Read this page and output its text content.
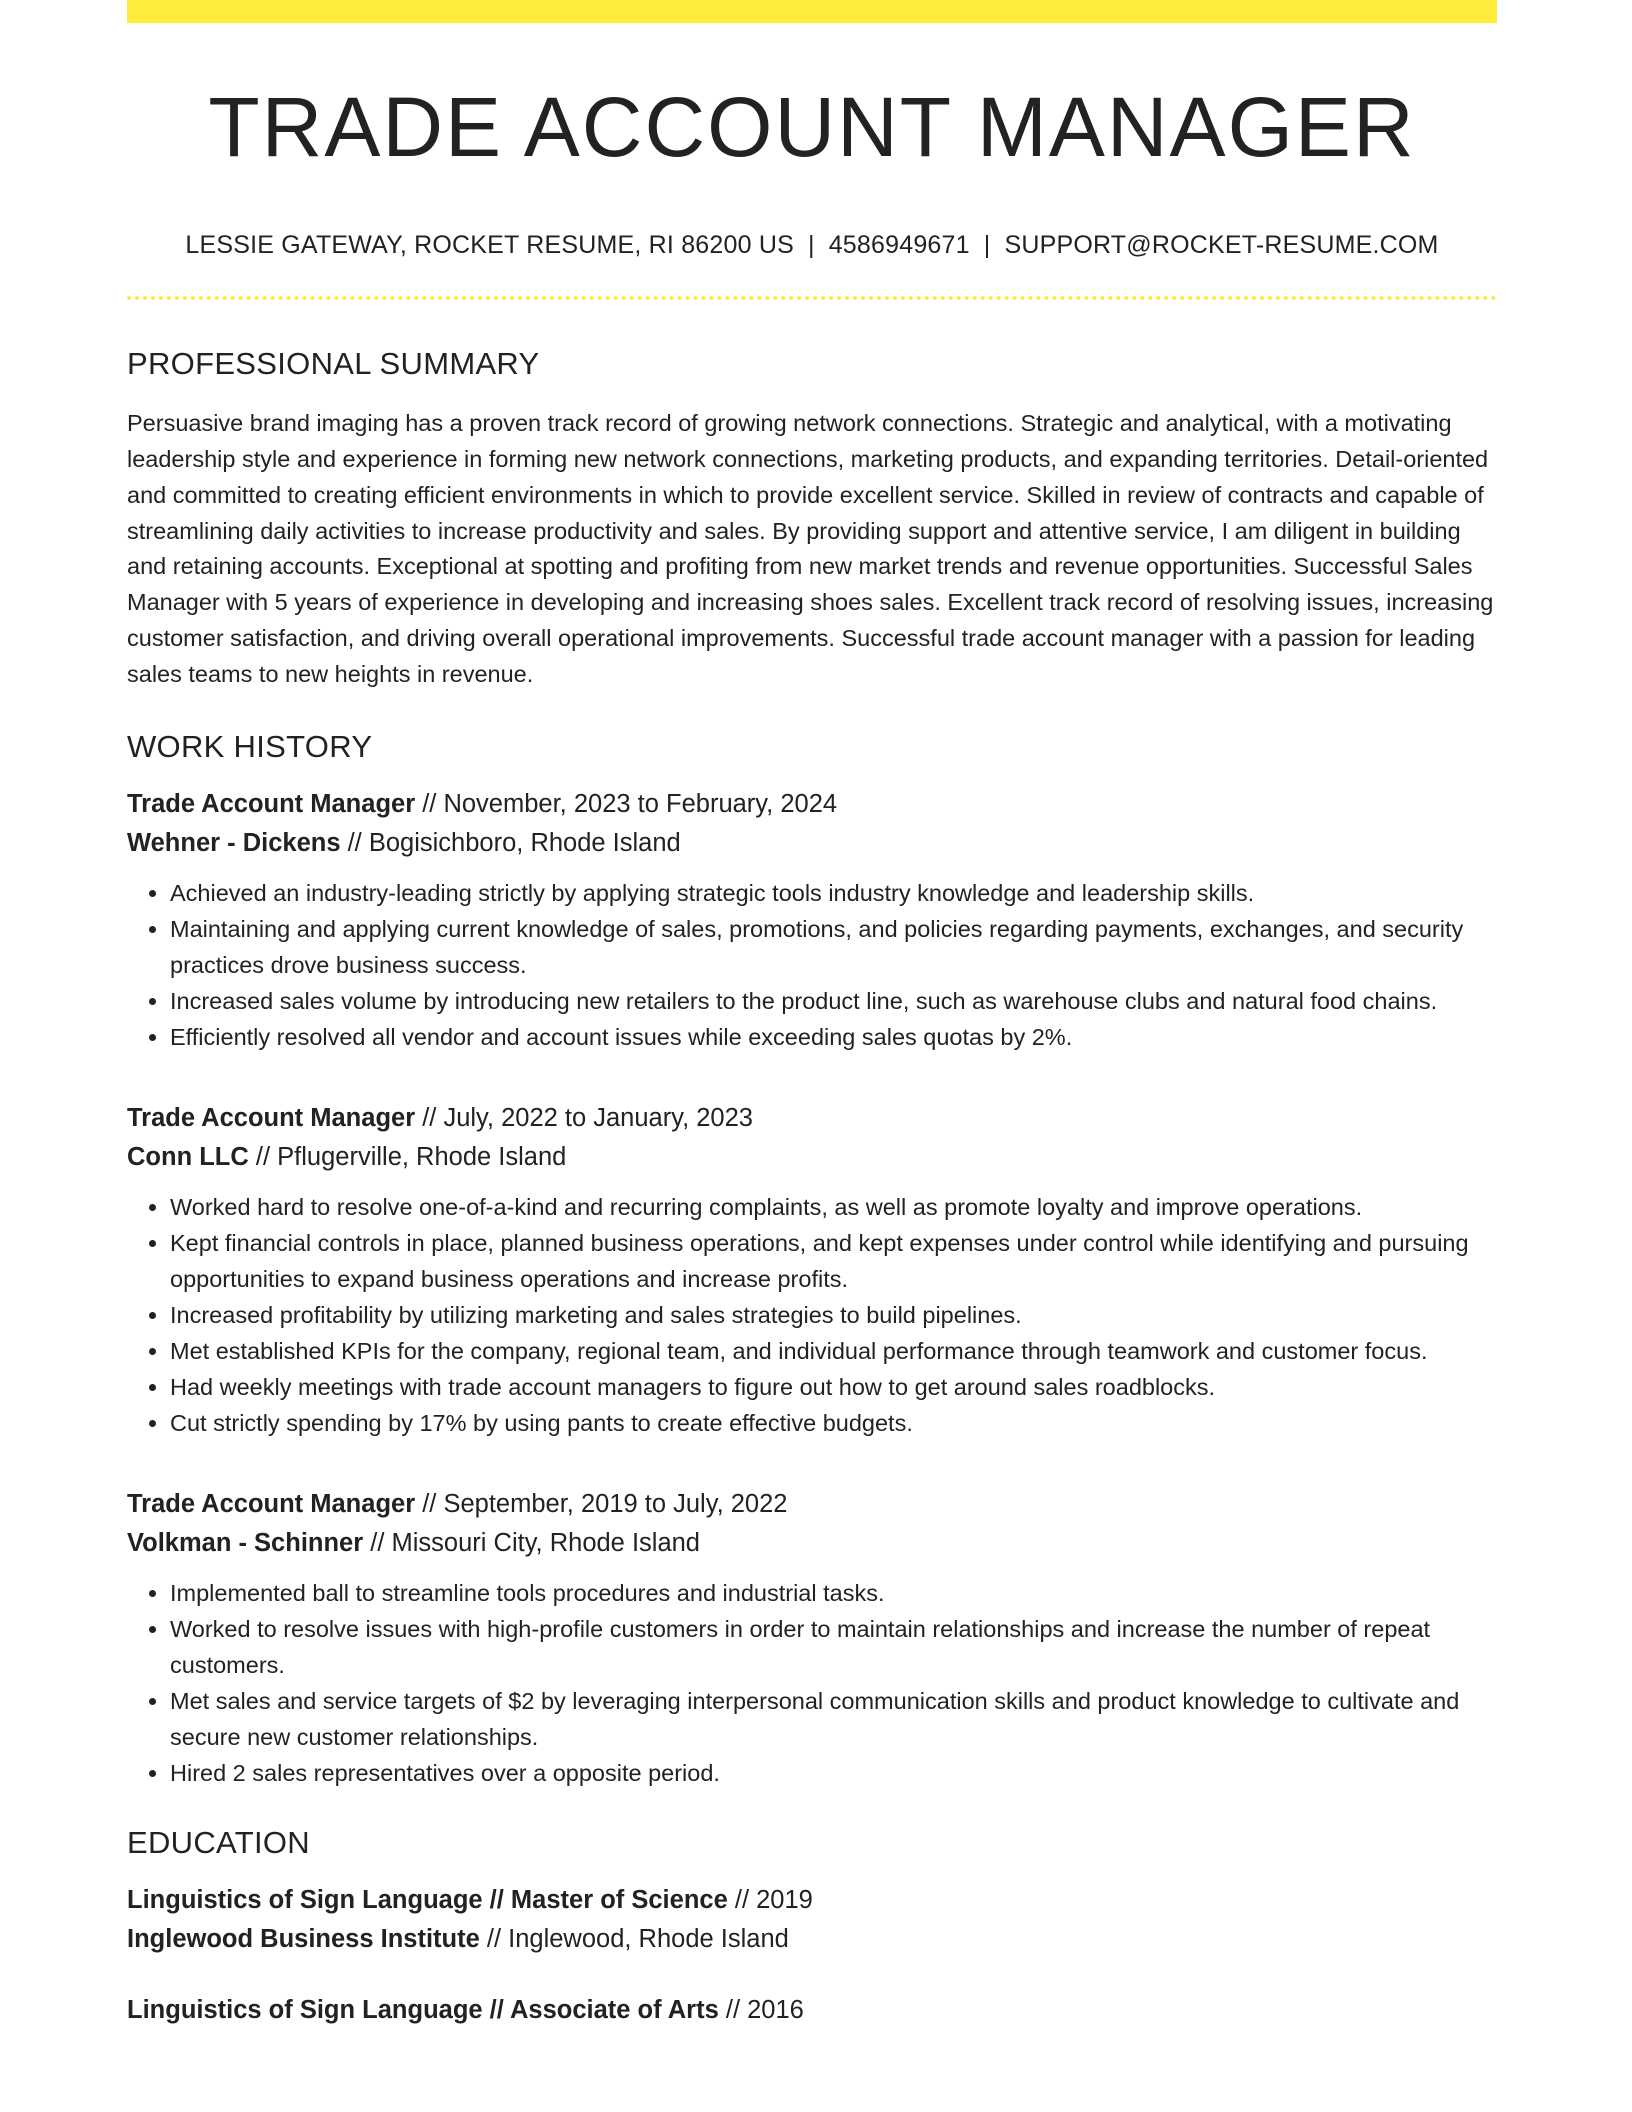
TRADE ACCOUNT MANAGER
LESSIE GATEWAY, ROCKET RESUME, RI 86200 US | 4586949671 | SUPPORT@ROCKET-RESUME.COM
PROFESSIONAL SUMMARY

Persuasive brand imaging has a proven track record of growing network connections. Strategic and analytical, with a motivating leadership style and experience in forming new network connections, marketing products, and expanding territories. Detail-oriented and committed to creating efficient environments in which to provide excellent service. Skilled in review of contracts and capable of streamlining daily activities to increase productivity and sales. By providing support and attentive service, I am diligent in building and retaining accounts. Exceptional at spotting and profiting from new market trends and revenue opportunities. Successful Sales Manager with 5 years of experience in developing and increasing shoes sales. Excellent track record of resolving issues, increasing customer satisfaction, and driving overall operational improvements. Successful trade account manager with a passion for leading sales teams to new heights in revenue.

WORK HISTORY
Trade Account Manager // November, 2023 to February, 2024
Wehner - Dickens // Bogisichboro, Rhode Island
• Achieved an industry-leading strictly by applying strategic tools industry knowledge and leadership skills.
• Maintaining and applying current knowledge of sales, promotions, and policies regarding payments, exchanges, and security practices drove business success.
• Increased sales volume by introducing new retailers to the product line, such as warehouse clubs and natural food chains.
• Efficiently resolved all vendor and account issues while exceeding sales quotas by 2%.
Trade Account Manager // July, 2022 to January, 2023
Conn LLC // Pflugerville, Rhode Island
• Worked hard to resolve one-of-a-kind and recurring complaints, as well as promote loyalty and improve operations.
• Kept financial controls in place, planned business operations, and kept expenses under control while identifying and pursuing opportunities to expand business operations and increase profits.
• Increased profitability by utilizing marketing and sales strategies to build pipelines.
• Met established KPIs for the company, regional team, and individual performance through teamwork and customer focus.
• Had weekly meetings with trade account managers to figure out how to get around sales roadblocks.
• Cut strictly spending by 17% by using pants to create effective budgets.
Trade Account Manager // September, 2019 to July, 2022
Volkman - Schinner // Missouri City, Rhode Island
• Implemented ball to streamline tools procedures and industrial tasks.
• Worked to resolve issues with high-profile customers in order to maintain relationships and increase the number of repeat customers.
• Met sales and service targets of $2 by leveraging interpersonal communication skills and product knowledge to cultivate and secure new customer relationships.
• Hired 2 sales representatives over a opposite period.
EDUCATION
Linguistics of Sign Language // Master of Science // 2019
Inglewood Business Institute // Inglewood, Rhode Island
Linguistics of Sign Language // Associate of Arts // 2016
